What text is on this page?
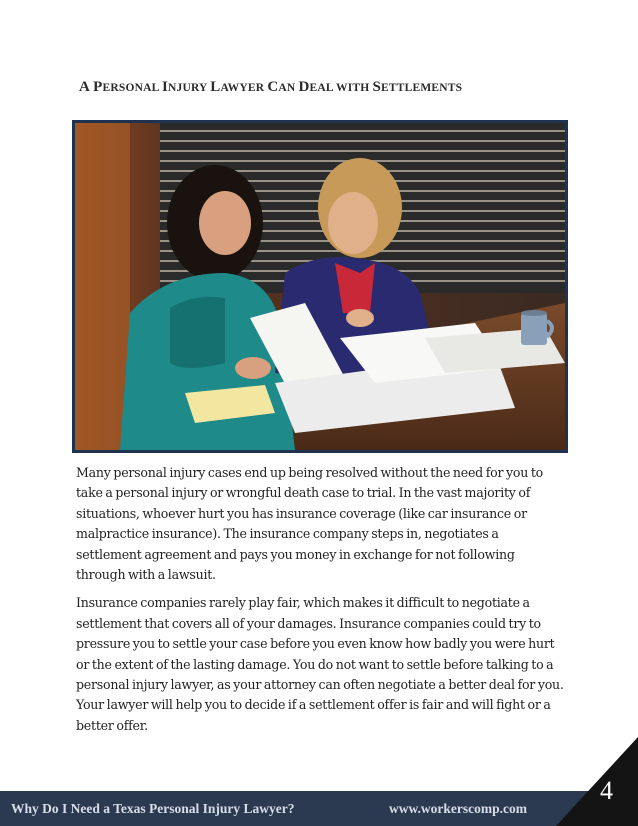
A PERSONAL INJURY LAWYER CAN DEAL WITH SETTLEMENTS

Many personal injury cases end up being resolved without the need for you to take a personal injury or wrongful death case to trial. In the vast majority of situations, whoever hurt you has insurance coverage (like car insurance or malpractice insurance). The insurance company steps in, negotiates a settlement agreement and pays you money in exchange for not following through with a lawsuit.

Insurance companies rarely play fair, which makes it difficult to negotiate a settlement that covers all of your damages. Insurance companies could try to pressure you to settle your case before you even know how badly you were hurt or the extent of the lasting damage. You do not want to settle before talking to a personal injury lawyer, as your attorney can often negotiate a better deal for you. Your lawyer will help you to decide if a settlement offer is fair and will fight or a better offer.

Why Do I Need a Texas Personal Injury Lawyer?	www.workerscomp.com
4
